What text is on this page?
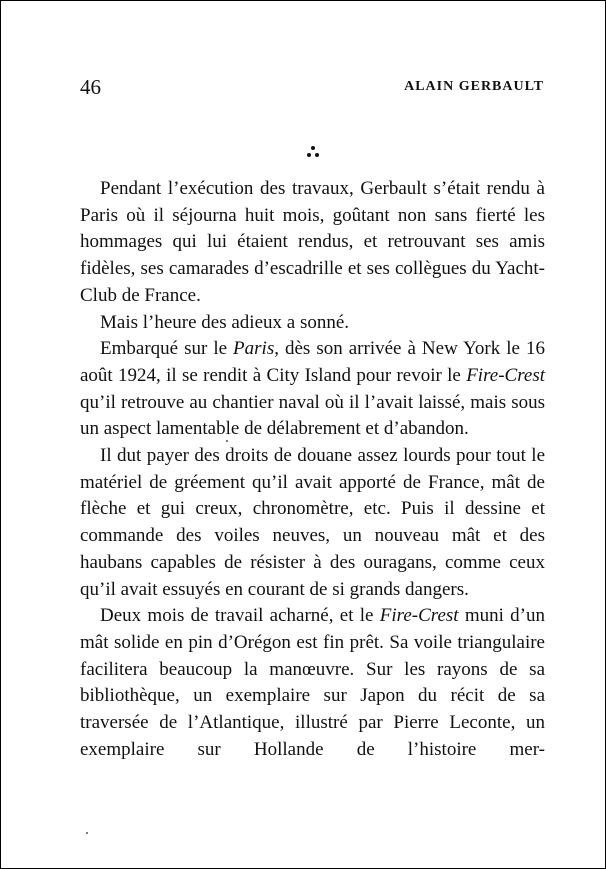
46	ALAIN GERBAULT

Pendant l’exécution des travaux, Gerbault s’était rendu à Paris où il séjourna huit mois, goûtant non sans fierté les hommages qui lui étaient rendus, et retrouvant ses amis fidèles, ses camarades d’escadrille et ses collègues du Yacht-Club de France.

Mais l’heure des adieux a sonné.

Embarqué sur le Paris, dès son arrivée à New York le 16 août 1924, il se rendit à City Island pour revoir le Fire-Crest qu’il retrouve au chantier naval où il l’avait laissé, mais sous un aspect lamentable de délabrement et d’abandon.

Il dut payer des droits de douane assez lourds pour tout le matériel de gréement qu’il avait apporté de France, mât de flèche et gui creux, chronomètre, etc. Puis il dessine et commande des voiles neuves, un nouveau mât et des haubans capables de résister à des ouragans, comme ceux qu’il avait essuyés en courant de si grands dangers.

Deux mois de travail acharné, et le Fire-Crest muni d’un mât solide en pin d’Orégon est fin prêt. Sa voile triangulaire facilitera beaucoup la manœuvre. Sur les rayons de sa bibliothèque, un exemplaire sur Japon du récit de sa traversée de l’Atlantique, illustré par Pierre Leconte, un exemplaire sur Hollande de l’histoire mer-
